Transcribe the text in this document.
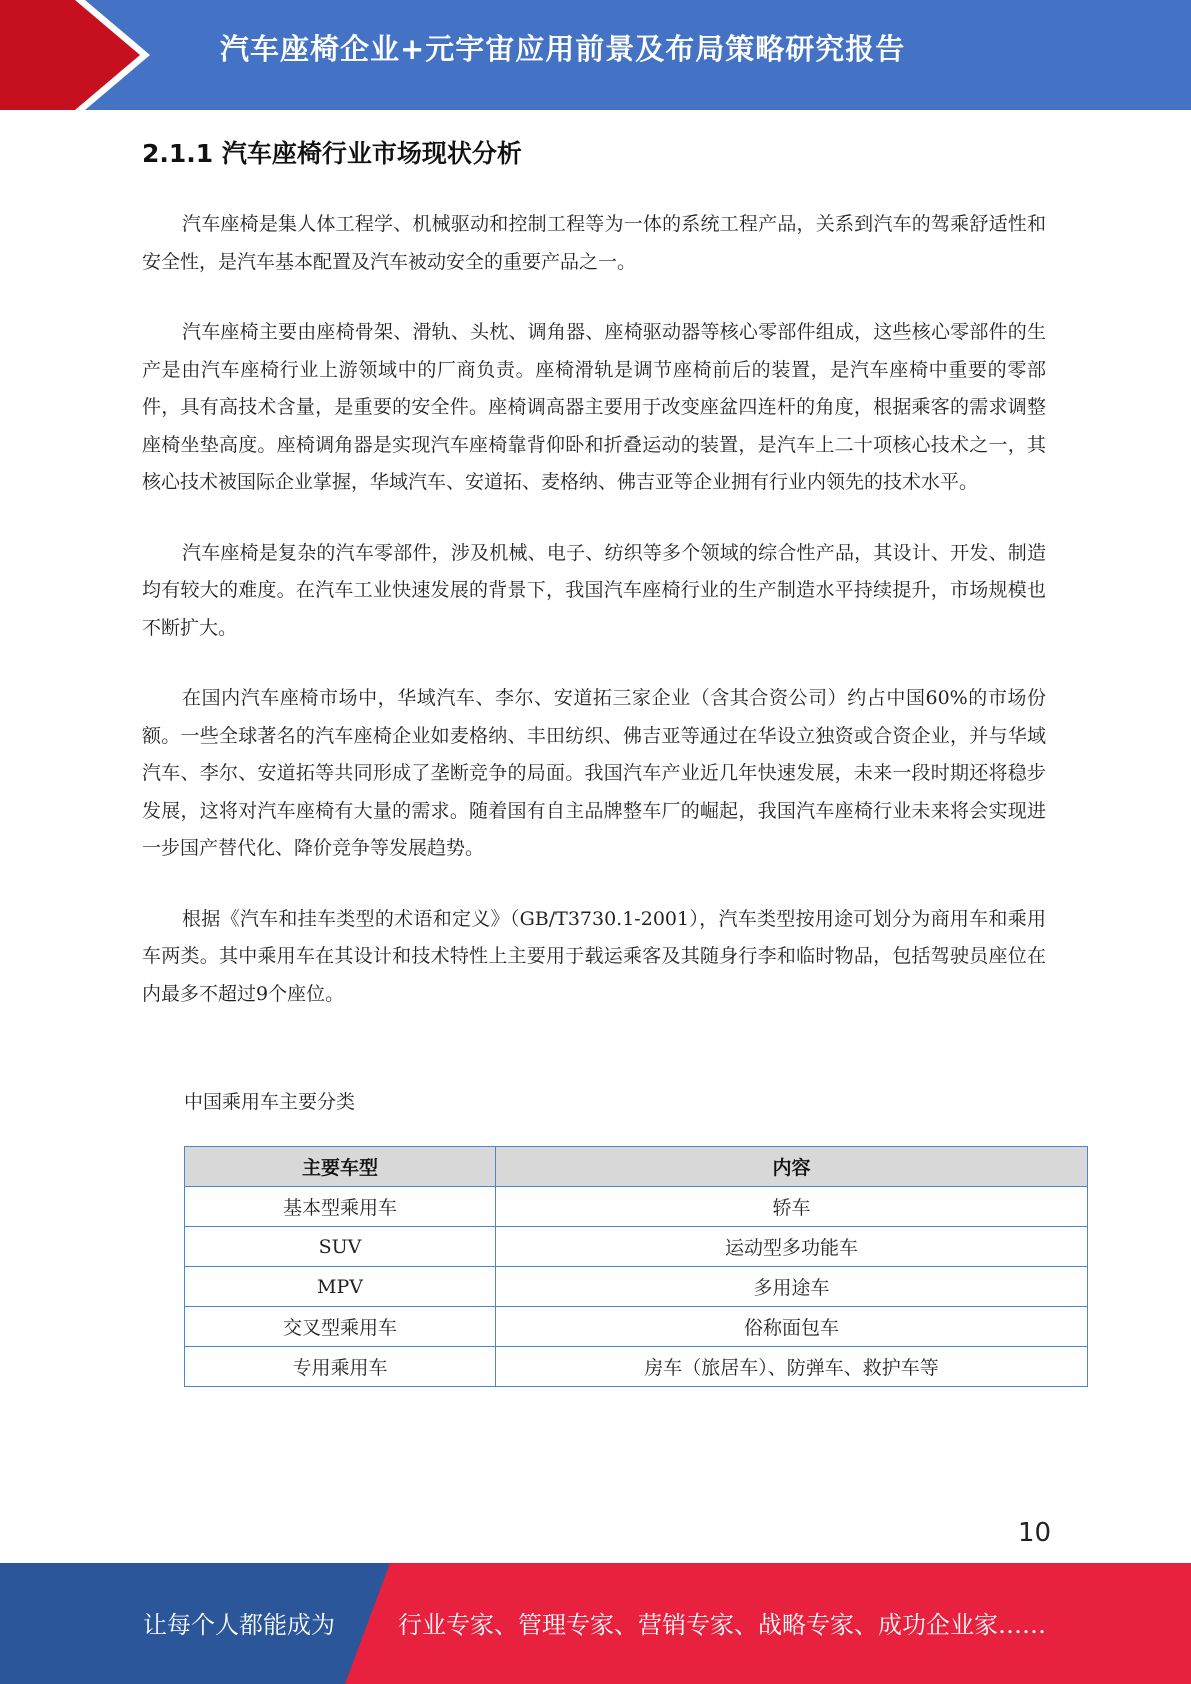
汽车座椅企业+元宇宙应用前景及布局策略研究报告
2.1.1 汽车座椅行业市场现状分析

汽车座椅是集人体工程学、机械驱动和控制工程等为一体的系统工程产品，关系到汽车的驾乘舒适性和安全性，是汽车基本配置及汽车被动安全的重要产品之一。

汽车座椅主要由座椅骨架、滑轨、头枕、调角器、座椅驱动器等核心零部件组成，这些核心零部件的生产是由汽车座椅行业上游领域中的厂商负责。座椅滑轨是调节座椅前后的装置，是汽车座椅中重要的零部件，具有高技术含量，是重要的安全件。座椅调高器主要用于改变座盆四连杆的角度，根据乘客的需求调整座椅坐垫高度。座椅调角器是实现汽车座椅靠背仰卧和折叠运动的装置，是汽车上二十项核心技术之一，其核心技术被国际企业掌握，华域汽车、安道拓、麦格纳、佛吉亚等企业拥有行业内领先的技术水平。

汽车座椅是复杂的汽车零部件，涉及机械、电子、纺织等多个领域的综合性产品，其设计、开发、制造均有较大的难度。在汽车工业快速发展的背景下，我国汽车座椅行业的生产制造水平持续提升，市场规模也不断扩大。

在国内汽车座椅市场中，华域汽车、李尔、安道拓三家企业（含其合资公司）约占中国60%的市场份额。一些全球著名的汽车座椅企业如麦格纳、丰田纺织、佛吉亚等通过在华设立独资或合资企业，并与华域汽车、李尔、安道拓等共同形成了垄断竞争的局面。我国汽车产业近几年快速发展，未来一段时期还将稳步发展，这将对汽车座椅有大量的需求。随着国有自主品牌整车厂的崛起，我国汽车座椅行业未来将会实现进一步国产替代化、降价竞争等发展趋势。

根据《汽车和挂车类型的术语和定义》（GB/T3730.1-2001），汽车类型按用途可划分为商用车和乘用车两类。其中乘用车在其设计和技术特性上主要用于载运乘客及其随身行李和临时物品，包括驾驶员座位在内最多不超过9个座位。

中国乘用车主要分类
主要车型	内容
基本型乘用车	轿车
SUV	运动型多功能车
MPV	多用途车
交叉型乘用车	俗称面包车
专用乘用车	房车（旅居车）、防弹车、救护车等
10
让每个人都能成为	行业专家、管理专家、营销专家、战略专家、成功企业家……
